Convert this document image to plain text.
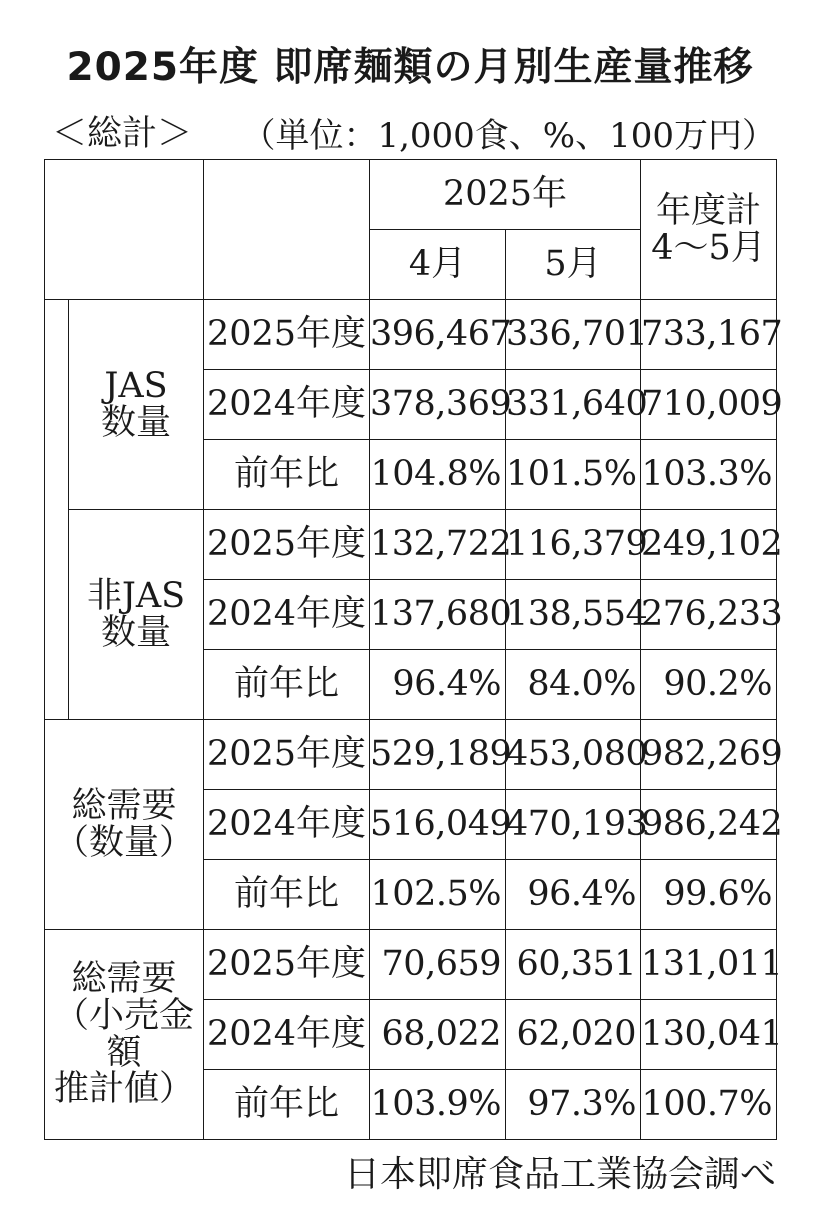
2025年度 即席麺類の月別生産量推移
＜総計＞ （単位：1,000食、%、100万円）
			2025年		年度計
4～5月

			4月	5月	

	JAS
数量	2025年度	396,467	336,701	733,167
		2024年度	378,369	331,640	710,009
		前年比	104.8%	101.5%	103.3%

	非JAS
数量	2025年度	132,722	116,379	249,102
		2024年度	137,680	138,554	276,233
		前年比	96.4%	84.0%	90.2%

総需要
（数量）		2025年度	529,189	453,080	982,269
		2024年度	516,049	470,193	986,242
		前年比	102.5%	96.4%	99.6%

総需要
（小売金額
推計値）		2025年度	70,659	60,351	131,011
		2024年度	68,022	62,020	130,041
		前年比	103.9%	97.3%	100.7%
日本即席食品工業協会調べ
